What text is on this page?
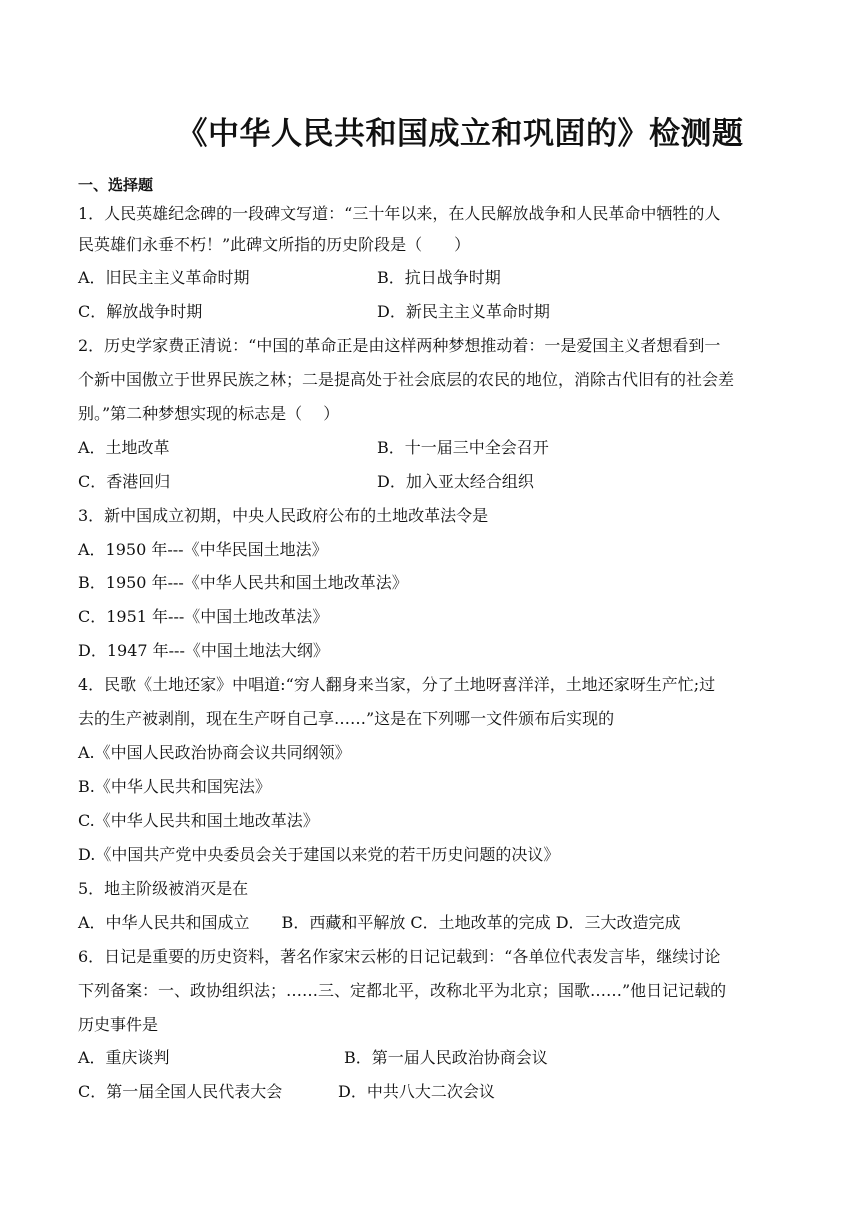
《中华人民共和国成立和巩固的》检测题
一、选择题
1．人民英雄纪念碑的一段碑文写道：“三十年以来，在人民解放战争和人民革命中牺牲的人
民英雄们永垂不朽！”此碑文所指的历史阶段是（　　）
A．旧民主主义革命时期	B．抗日战争时期
C．解放战争时期	D．新民主主义革命时期
2．历史学家费正清说：“中国的革命正是由这样两种梦想推动着：一是爱国主义者想看到一
个新中国傲立于世界民族之林；二是提高处于社会底层的农民的地位，消除古代旧有的社会差
别。”第二种梦想实现的标志是（　 ）
A．土地改革	B．十一届三中全会召开
C．香港回归	D．加入亚太经合组织
3．新中国成立初期，中央人民政府公布的土地改革法令是
A．1950 年---《中华民国土地法》
B．1950 年---《中华人民共和国土地改革法》
C．1951 年---《中国土地改革法》
D．1947 年---《中国土地法大纲》
4．民歌《土地还家》中唱道:“穷人翻身来当家，分了土地呀喜洋洋，土地还家呀生产忙;过
去的生产被剥削，现在生产呀自己享……”这是在下列哪一文件颁布后实现的
A.《中国人民政治协商会议共同纲领》
B.《中华人民共和国宪法》
C.《中华人民共和国土地改革法》
D.《中国共产党中央委员会关于建国以来党的若干历史问题的决议》
5．地主阶级被消灭是在
A．中华人民共和国成立　　B．西藏和平解放 C．土地改革的完成 D．三大改造完成
6．日记是重要的历史资料，著名作家宋云彬的日记记载到：“各单位代表发言毕，继续讨论
下列备案：一、政协组织法；……三、定都北平，改称北平为北京；国歌……”他日记记载的
历史事件是
A．重庆谈判	B．第一届人民政治协商会议
C．第一届全国人民代表大会	D．中共八大二次会议
